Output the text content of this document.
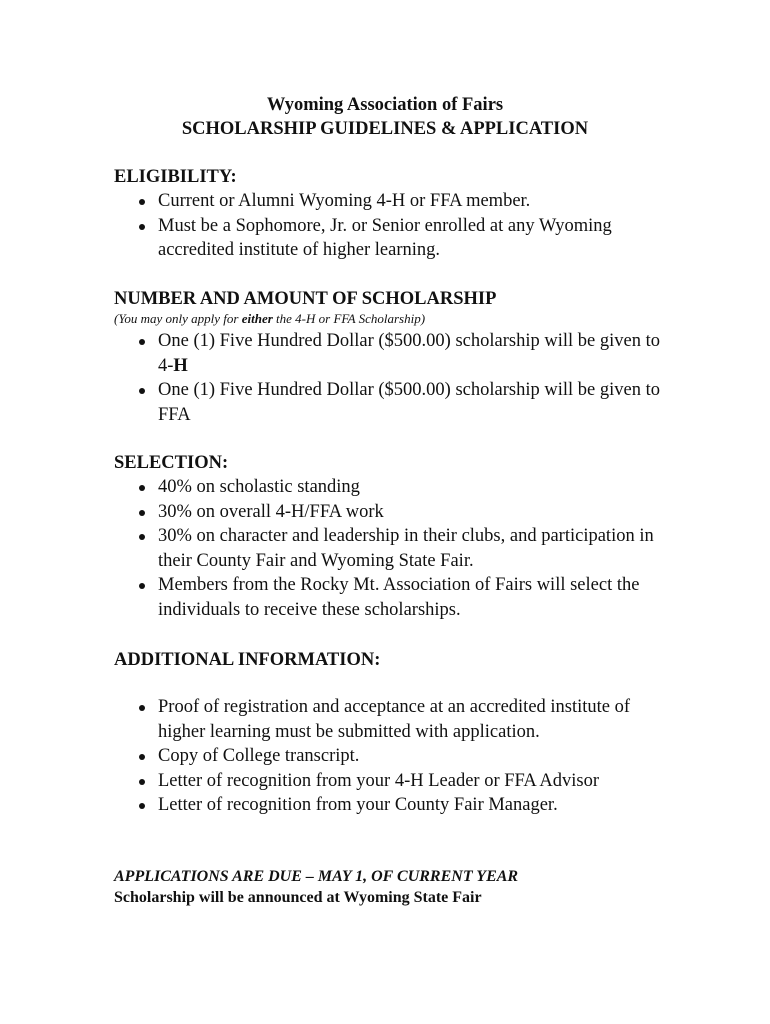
Wyoming Association of Fairs
SCHOLARSHIP GUIDELINES & APPLICATION

ELIGIBILITY:

Current or Alumni Wyoming 4-H or FFA member.
Must be a Sophomore, Jr. or Senior enrolled at any Wyoming accredited institute of higher learning.

NUMBER AND AMOUNT OF SCHOLARSHIP

(You may only apply for either the 4-H or FFA Scholarship)

One (1) Five Hundred Dollar ($500.00) scholarship will be given to 4-H
One (1) Five Hundred Dollar ($500.00) scholarship will be given to FFA

SELECTION:

40% on scholastic standing
30% on overall 4-H/FFA work
30% on character and leadership in their clubs, and participation in their County Fair and Wyoming State Fair.
Members from the Rocky Mt. Association of Fairs will select the individuals to receive these scholarships.

ADDITIONAL INFORMATION:

Proof of registration and acceptance at an accredited institute of higher learning must be submitted with application.
Copy of College transcript.
Letter of recognition from your 4-H Leader or FFA Advisor
Letter of recognition from your County Fair Manager.
APPLICATIONS ARE DUE – MAY 1, OF CURRENT YEAR
Scholarship will be announced at Wyoming State Fair
